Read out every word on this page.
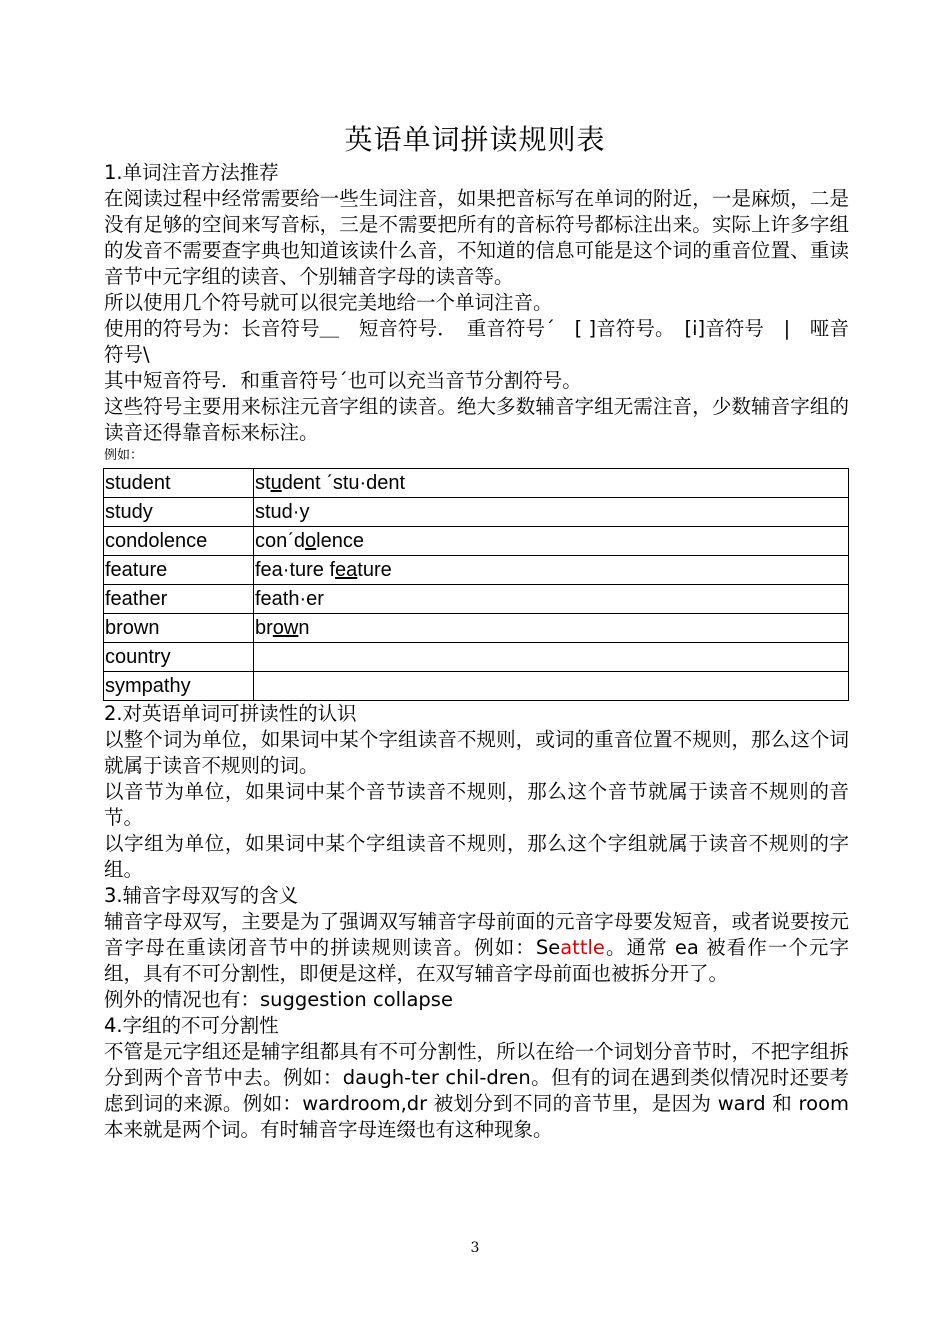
英语单词拼读规则表

1.单词注音方法推荐

在阅读过程中经常需要给一些生词注音，如果把音标写在单词的附近，一是麻烦，二是没有足够的空间来写音标，三是不需要把所有的音标符号都标注出来。实际上许多字组的发音不需要查字典也知道该读什么音，不知道的信息可能是这个词的重音位置、重读音节中元字组的读音、个别辅音字母的读音等。

所以使用几个符号就可以很完美地给一个单词注音。

使用的符号为：长音符号＿　短音符号．　重音符号ˊ　[ ]音符号。　[i]音符号　|　哑音符号\

其中短音符号．和重音符号ˊ也可以充当音节分割符号。

这些符号主要用来标注元音字组的读音。绝大多数辅音字组无需注音，少数辅音字组的读音还得靠音标来标注。

例如：

student	student ˊstu·dent
study	stud·y
condolence	conˊdolence
feature	fea·ture feature
feather	feath·er
brown	brown
country	
sympathy	

2.对英语单词可拼读性的认识

以整个词为单位，如果词中某个字组读音不规则，或词的重音位置不规则，那么这个词就属于读音不规则的词。

以音节为单位，如果词中某个音节读音不规则，那么这个音节就属于读音不规则的音节。

以字组为单位，如果词中某个字组读音不规则，那么这个字组就属于读音不规则的字组。

3.辅音字母双写的含义

辅音字母双写，主要是为了强调双写辅音字母前面的元音字母要发短音，或者说要按元音字母在重读闭音节中的拼读规则读音。例如：Seattle。通常 ea 被看作一个元字组，具有不可分割性，即便是这样，在双写辅音字母前面也被拆分开了。

例外的情况也有：suggestion collapse

4.字组的不可分割性

不管是元字组还是辅字组都具有不可分割性，所以在给一个词划分音节时，不把字组拆分到两个音节中去。例如：daugh-ter chil-dren。但有的词在遇到类似情况时还要考虑到词的来源。例如：wardroom,dr 被划分到不同的音节里，是因为 ward 和 room 本来就是两个词。有时辅音字母连缀也有这种现象。

3
